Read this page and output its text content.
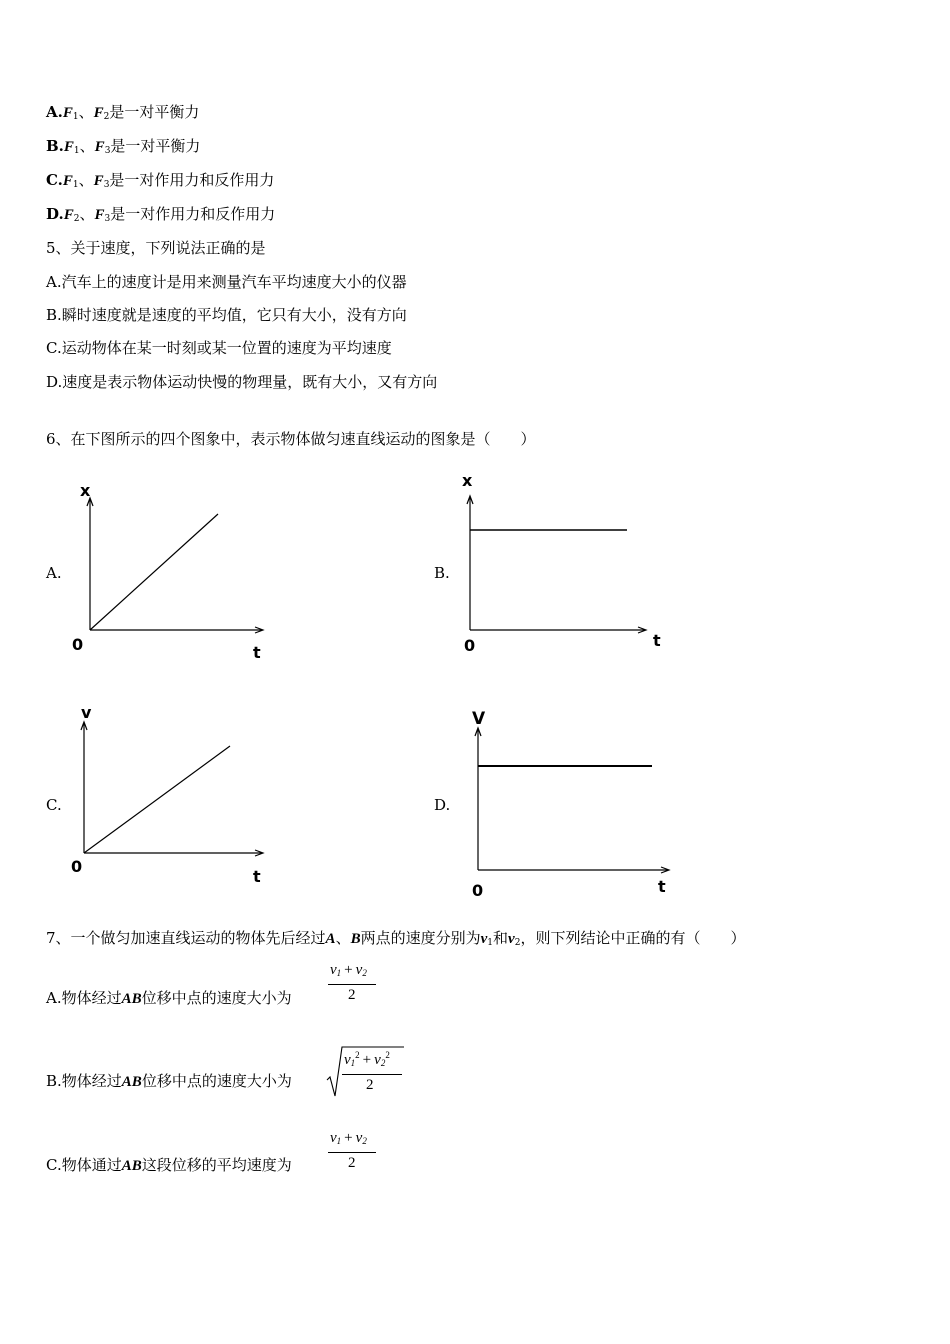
$A.F_1$、$F_2$是一对平衡力
$B.F_1$、$F_3$是一对平衡力
$C.F_1$、$F_3$是一对作用力和反作用力
$D.F_2$、$F_3$是一对作用力和反作用力
5、关于速度，下列说法正确的是
A.汽车上的速度计是用来测量汽车平均速度大小的仪器
B.瞬时速度就是速度的平均值，它只有大小，没有方向
C.运动物体在某一时刻或某一位置的速度为平均速度
D.速度是表示物体运动快慢的物理量，既有大小，又有方向
6、在下图所示的四个图象中，表示物体做匀速直线运动的图象是（　　）
A.
x
0	t
B.
x
0	t
C.
v
0
t
D.
V
0	t
7、一个做匀加速直线运动的物体先后经过A、B两点的速度分别为$v_1$和$v_2$，则下列结论中正确的有（　　）
A.物体经过AB位移中点的速度大小为
$v_1 + v_2$
2
B.物体经过AB位移中点的速度大小为
$v_1^2 + v_2^2$
2
C.物体通过AB这段位移的平均速度为
$v_1 + v_2$
2
